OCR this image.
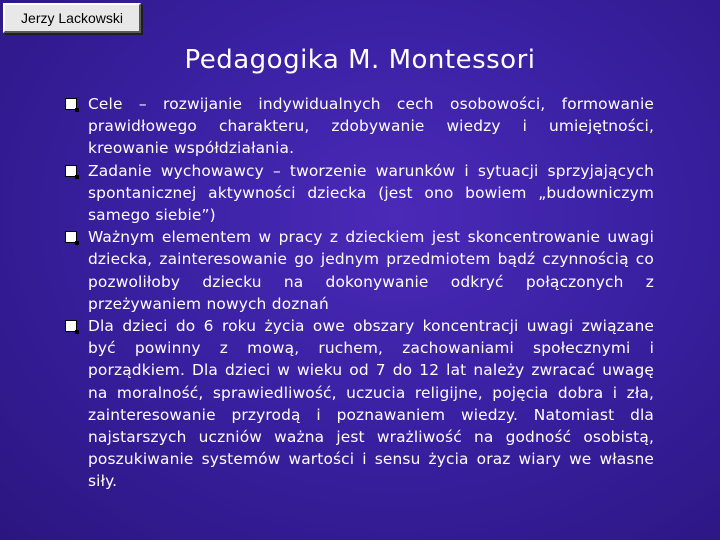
Jerzy Lackowski
Pedagogika M. Montessori
Cele – rozwijanie indywidualnych cech osobowości, formowanie prawidłowego charakteru, zdobywanie wiedzy i umiejętności, kreowanie współdziałania.
Zadanie wychowawcy – tworzenie warunków i sytuacji sprzyjających spontanicznej aktywności dziecka (jest ono bowiem „budowniczym samego siebie”)
Ważnym elementem w pracy z dzieckiem jest skoncentrowanie uwagi dziecka, zainteresowanie go jednym przedmiotem bądź czynnością co pozwoliłoby dziecku na dokonywanie odkryć połączonych z przeżywaniem nowych doznań
Dla dzieci do 6 roku życia owe obszary koncentracji uwagi związane być powinny z mową, ruchem, zachowaniami społecznymi i porządkiem. Dla dzieci w wieku od 7 do 12 lat należy zwracać uwagę na moralność, sprawiedliwość, uczucia religijne, pojęcia dobra i zła, zainteresowanie przyrodą i poznawaniem wiedzy. Natomiast dla najstarszych uczniów ważna jest wrażliwość na godność osobistą, poszukiwanie systemów wartości i sensu życia oraz wiary we własne siły.
